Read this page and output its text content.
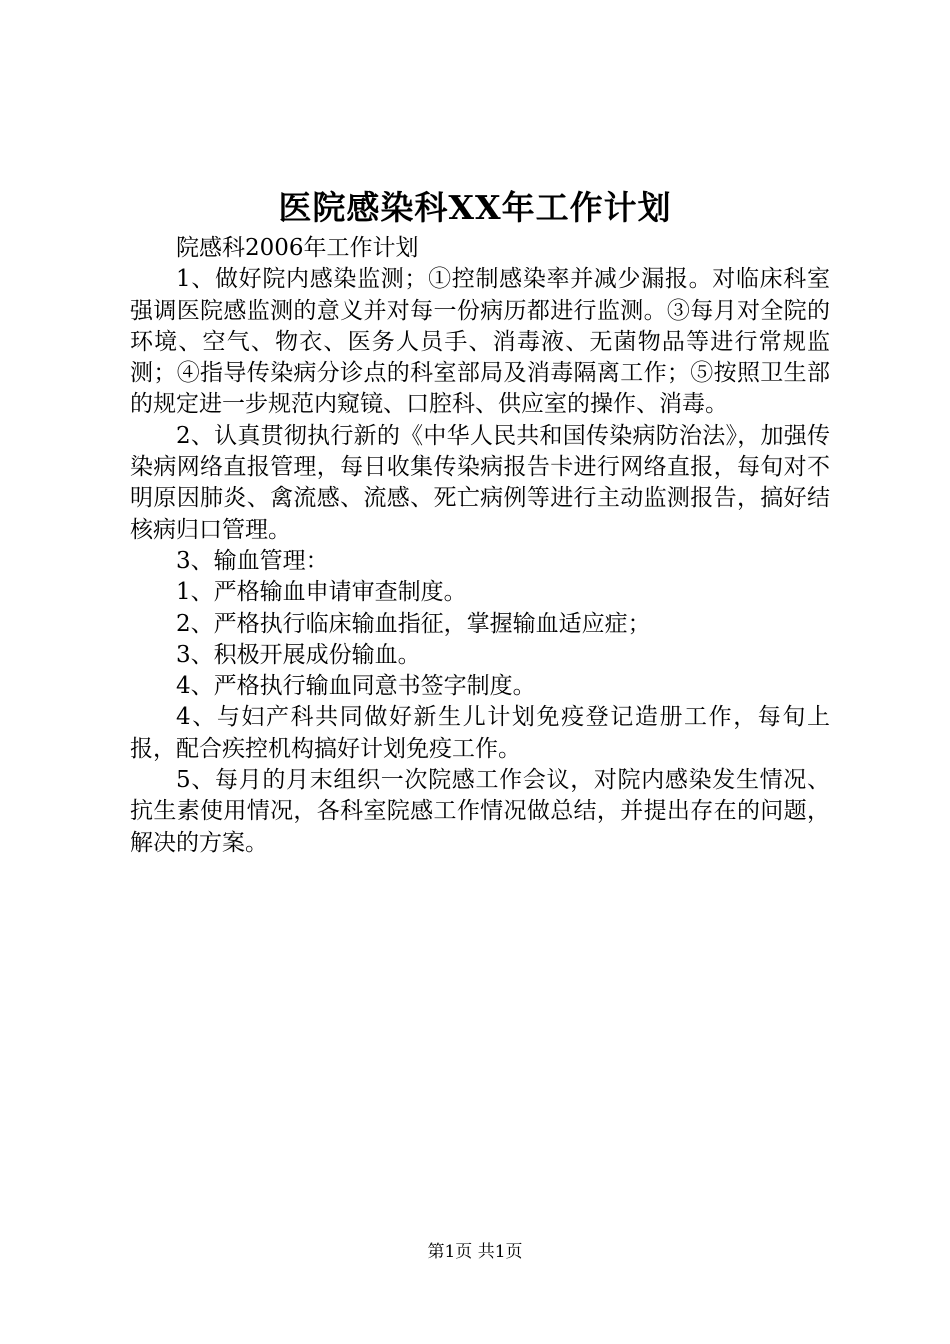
医院感染科XX年工作计划

院感科2006年工作计划

1、做好院内感染监测；①控制感染率并减少漏报。对临床科室强调医院感监测的意义并对每一份病历都进行监测。③每月对全院的环境、空气、物衣、医务人员手、消毒液、无菌物品等进行常规监测；④指导传染病分诊点的科室部局及消毒隔离工作；⑤按照卫生部的规定进一步规范内窥镜、口腔科、供应室的操作、消毒。

2、认真贯彻执行新的《中华人民共和国传染病防治法》，加强传染病网络直报管理，每日收集传染病报告卡进行网络直报，每旬对不明原因肺炎、禽流感、流感、死亡病例等进行主动监测报告，搞好结核病归口管理。

3、输血管理：

1、严格输血申请审查制度。

2、严格执行临床输血指征，掌握输血适应症；

3、积极开展成份输血。

4、严格执行输血同意书签字制度。

4、与妇产科共同做好新生儿计划免疫登记造册工作，每旬上报，配合疾控机构搞好计划免疫工作。

5、每月的月末组织一次院感工作会议，对院内感染发生情况、抗生素使用情况，各科室院感工作情况做总结，并提出存在的问题，解决的方案。

第1页 共1页
